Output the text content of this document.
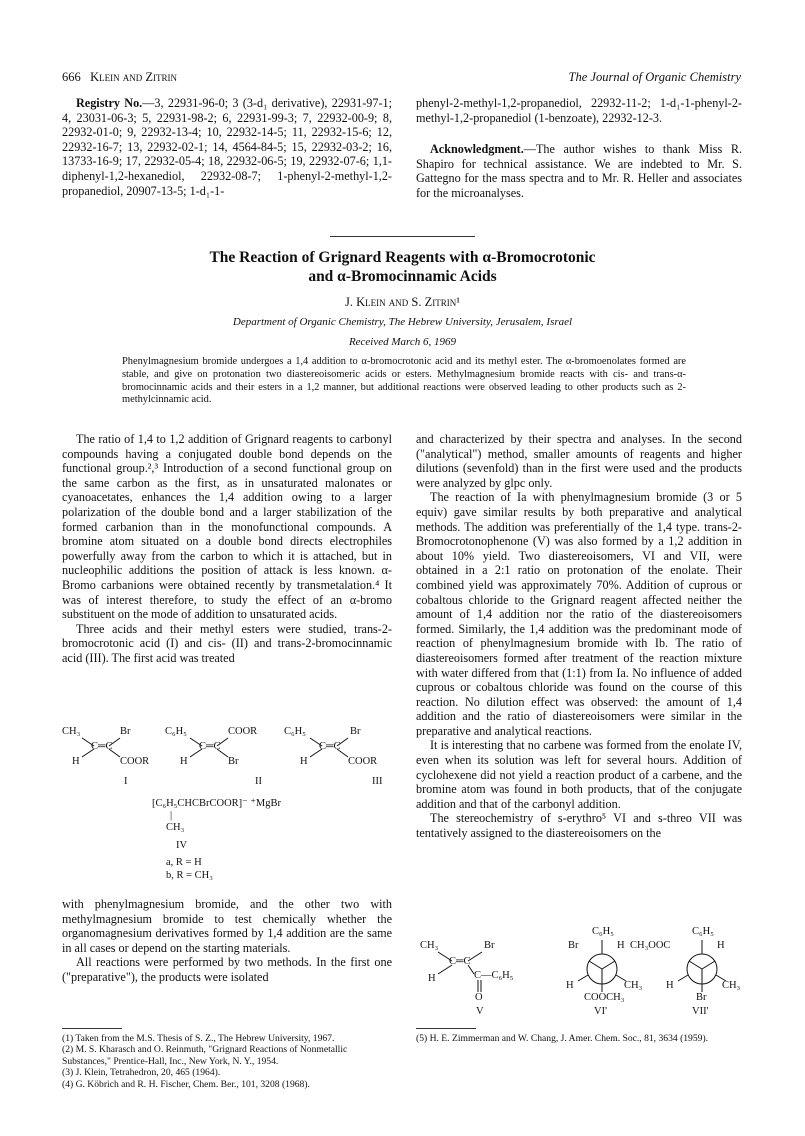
666 Klein and Zitrin	The Journal of Organic Chemistry

Registry No.—3, 22931-96-0; 3 (3-d₁ derivative), 22931-97-1; 4, 23031-06-3; 5, 22931-98-2; 6, 22931-99-3; 7, 22932-00-9; 8, 22932-01-0; 9, 22932-13-4; 10, 22932-14-5; 11, 22932-15-6; 12, 22932-16-7; 13, 22932-02-1; 14, 4564-84-5; 15, 22932-03-2; 16, 13733-16-9; 17, 22932-05-4; 18, 22932-06-5; 19, 22932-07-6; 1,1-diphenyl-1,2-hexanediol, 22932-08-7; 1-phenyl-2-methyl-1,2-propanediol, 20907-13-5; 1-d₁-1-

phenyl-2-methyl-1,2-propanediol, 22932-11-2; 1-d₁-1-phenyl-2-methyl-1,2-propanediol (1-benzoate), 22932-12-3.

Acknowledgment.—The author wishes to thank Miss R. Shapiro for technical assistance. We are indebted to Mr. S. Gattegno for the mass spectra and to Mr. R. Heller and associates for the microanalyses.

The Reaction of Grignard Reagents with α-Bromocrotonic
and α-Bromocinnamic Acids
J. Klein and S. Zitrin¹
Department of Organic Chemistry, The Hebrew University, Jerusalem, Israel
Received March 6, 1969
Phenylmagnesium bromide undergoes a 1,4 addition to α-bromocrotonic acid and its methyl ester. The α-bromoenolates formed are stable, and give on protonation two diastereoisomeric acids or esters. Methylmagnesium bromide reacts with cis- and trans-α-bromocinnamic acids and their esters in a 1,2 manner, but additional reactions were observed leading to other products such as 2-methylcinnamic acid.

The ratio of 1,4 to 1,2 addition of Grignard reagents to carbonyl compounds having a conjugated double bond depends on the functional group.²,³ Introduction of a second functional group on the same carbon as the first, as in unsaturated malonates or cyanoacetates, enhances the 1,4 addition owing to a larger polarization of the double bond and a larger stabilization of the formed carbanion than in the monofunctional compounds. A bromine atom situated on a double bond directs electrophiles powerfully away from the carbon to which it is attached, but in nucleophilic additions the position of attack is less known. α-Bromo carbanions were obtained recently by transmetalation.⁴ It was of interest therefore, to study the effect of an α-bromo substituent on the mode of addition to unsaturated acids.

Three acids and their methyl esters were studied, trans-2-bromocrotonic acid (I) and cis- (II) and trans-2-bromocinnamic acid (III). The first acid was treated

CH₃	Br
C═C
H	COOR
C₆H₅	COOR
C═C
H	Br
C₆H₅	Br
C═C
H	COOR
I	II	III
[C₆H₅CHCBrCOOR]⁻ ⁺MgBr
|
CH₃
IV
a, R = H
b, R = CH₃

with phenylmagnesium bromide, and the other two with methylmagnesium bromide to test chemically whether the organomagnesium derivatives formed by 1,4 addition are the same in all cases or depend on the starting materials.

All reactions were performed by two methods. In the first one ("preparative"), the products were isolated

and characterized by their spectra and analyses. In the second ("analytical") method, smaller amounts of reagents and higher dilutions (sevenfold) than in the first were used and the products were analyzed by glpc only.

The reaction of Ia with phenylmagnesium bromide (3 or 5 equiv) gave similar results by both preparative and analytical methods. The addition was preferentially of the 1,4 type. trans-2-Bromocrotonophenone (V) was also formed by a 1,2 addition in about 10% yield. Two diastereoisomers, VI and VII, were obtained in a 2:1 ratio on protonation of the enolate. Their combined yield was approximately 70%. Addition of cuprous or cobaltous chloride to the Grignard reagent affected neither the amount of 1,4 addition nor the ratio of the diastereoisomers formed. Similarly, the 1,4 addition was the predominant mode of reaction of phenylmagnesium bromide with Ib. The ratio of diastereoisomers formed after treatment of the reaction mixture with water differed from that (1:1) from Ia. No influence of added cuprous or cobaltous chloride was found on the course of this reaction. No dilution effect was observed: the amount of 1,4 addition and the ratio of diastereoisomers were similar in the preparative and analytical reactions.

It is interesting that no carbene was formed from the enolate IV, even when its solution was left for several hours. Addition of cyclohexene did not yield a reaction product of a carbene, and the bromine atom was found in both products, that of the conjugate addition and that of the carbonyl addition.

The stereochemistry of s-erythro⁵ VI and s-threo VII was tentatively assigned to the diastereoisomers on the

CH₃	Br
C═C
H	C—C₆H₅
O
V
C₆H₅
Br	H
H	CH₃
COOCH₃
VI'
C₆H₅
CH₃OOC	H
H	CH₃
Br
VII'

(1) Taken from the M.S. Thesis of S. Z., The Hebrew University, 1967.

(2) M. S. Kharasch and O. Reinmuth, "Grignard Reactions of Nonmetallic Substances," Prentice-Hall, Inc., New York, N. Y., 1954.

(3) J. Klein, Tetrahedron, 20, 465 (1964).

(4) G. Köbrich and R. H. Fischer, Chem. Ber., 101, 3208 (1968).

(5) H. E. Zimmerman and W. Chang, J. Amer. Chem. Soc., 81, 3634 (1959).
